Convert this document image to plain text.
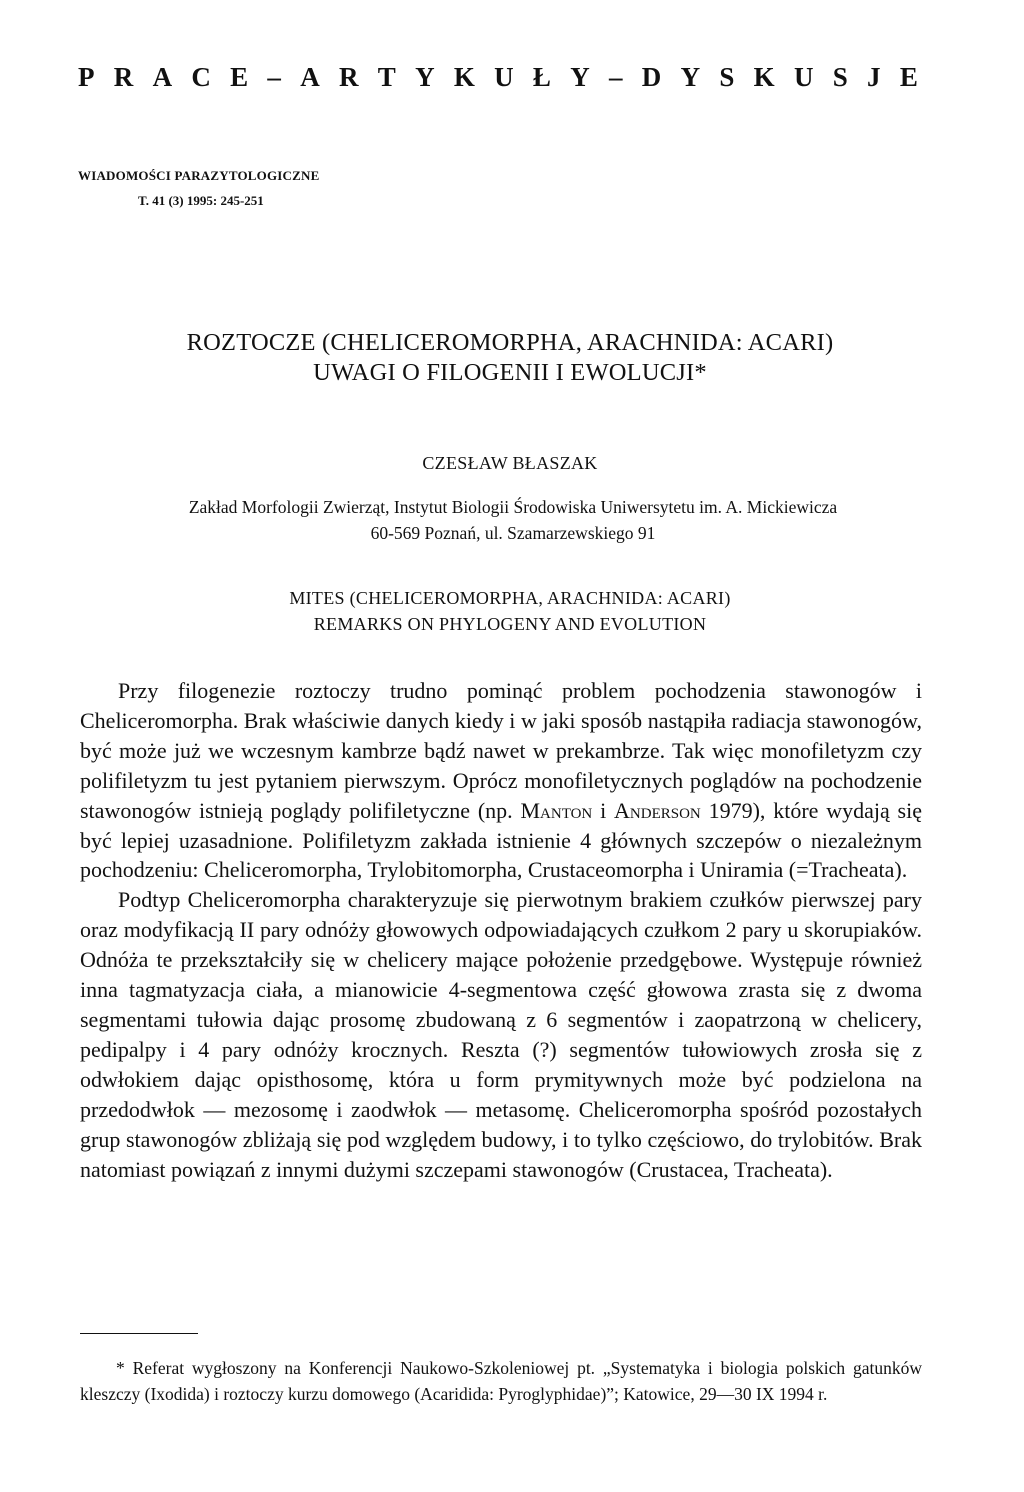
P R A C E – A R T Y K U Ł Y – D Y S K U S J E
WIADOMOŚCI PARAZYTOLOGICZNE
T. 41 (3) 1995: 245-251
ROZTOCZE (CHELICEROMORPHA, ARACHNIDA: ACARI)
UWAGI O FILOGENII I EWOLUCJI*
CZESŁAW BŁASZAK
Zakład Morfologii Zwierząt, Instytut Biologii Środowiska Uniwersytetu im. A. Mickiewicza
60-569 Poznań, ul. Szamarzewskiego 91
MITES (CHELICEROMORPHA, ARACHNIDA: ACARI)
REMARKS ON PHYLOGENY AND EVOLUTION

Przy filogenezie roztoczy trudno pominąć problem pochodzenia stawonogów i Cheliceromorpha. Brak właściwie danych kiedy i w jaki sposób nastąpiła radiacja stawonogów, być może już we wczesnym kambrze bądź nawet w prekambrze. Tak więc monofiletyzm czy polifiletyzm tu jest pytaniem pierwszym. Oprócz monofiletycznych poglądów na pochodzenie stawonogów istnieją poglądy polifiletyczne (np. Manton i Anderson 1979), które wydają się być lepiej uzasadnione. Polifiletyzm zakłada istnienie 4 głównych szczepów o niezależnym pochodzeniu: Cheliceromorpha, Trylobitomorpha, Crustaceomorpha i Uniramia (=Tracheata).

Podtyp Cheliceromorpha charakteryzuje się pierwotnym brakiem czułków pierwszej pary oraz modyfikacją II pary odnóży głowowych odpowiadających czułkom 2 pary u skorupiaków. Odnóża te przekształciły się w chelicery mające położenie przedgębowe. Występuje również inna tagmatyzacja ciała, a mianowicie 4-segmentowa część głowowa zrasta się z dwoma segmentami tułowia dając prosomę zbudowaną z 6 segmentów i zaopatrzoną w chelicery, pedipalpy i 4 pary odnóży krocznych. Reszta (?) segmentów tułowiowych zrosła się z odwłokiem dając opisthosomę, która u form prymitywnych może być podzielona na przedodwłok — mezosomę i zaodwłok — metasomę. Cheliceromorpha spośród pozostałych grup stawonogów zbliżają się pod względem budowy, i to tylko częściowo, do trylobitów. Brak natomiast powiązań z innymi dużymi szczepami stawonogów (Crustacea, Tracheata).

* Referat wygłoszony na Konferencji Naukowo-Szkoleniowej pt. „Systematyka i biologia polskich gatunków kleszczy (Ixodida) i roztoczy kurzu domowego (Acaridida: Pyroglyphidae)”; Katowice, 29—30 IX 1994 r.
